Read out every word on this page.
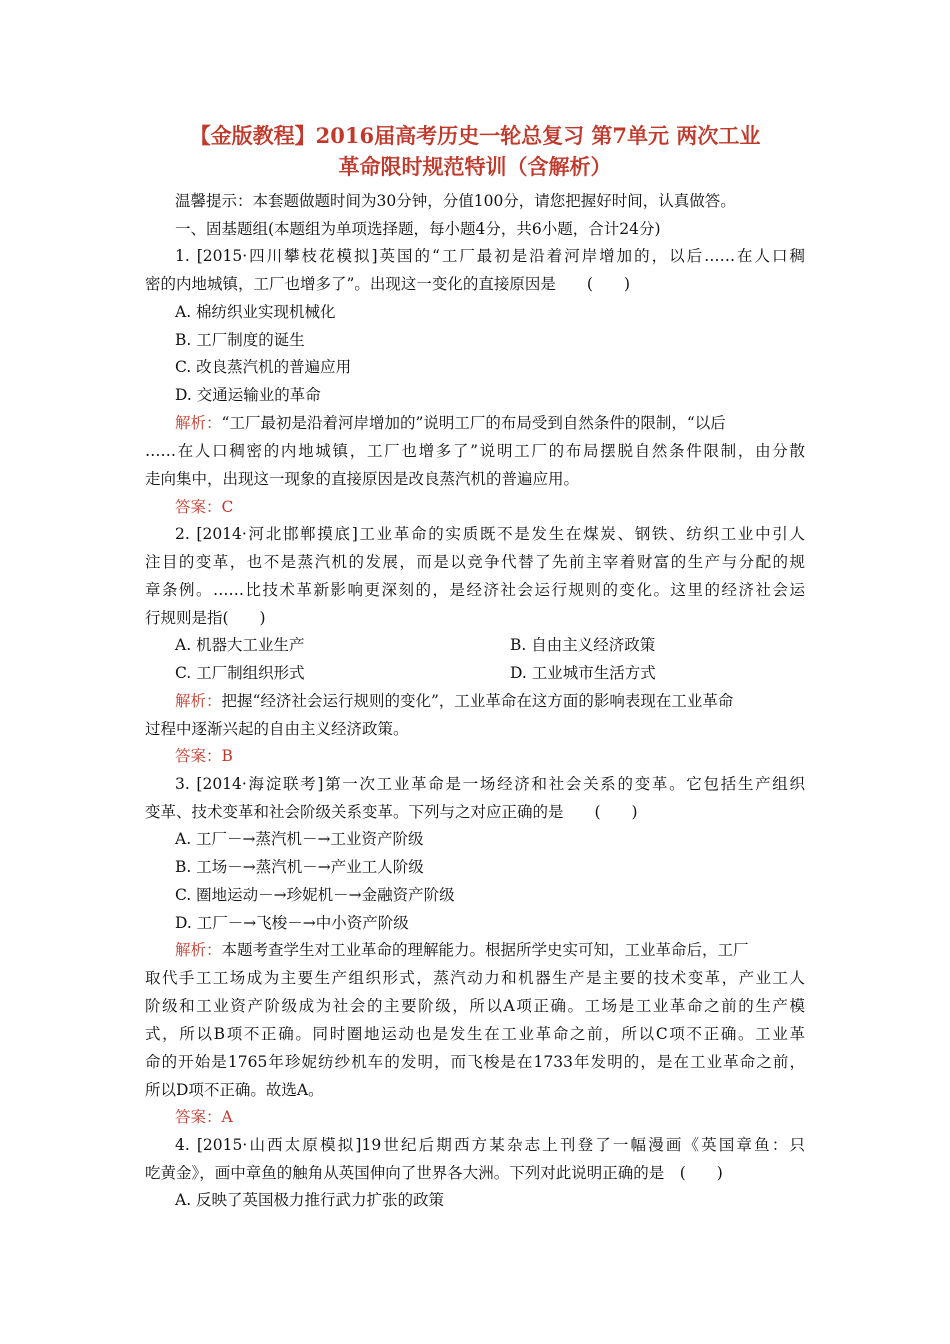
【金版教程】2016届高考历史一轮总复习 第7单元 两次工业
革命限时规范特训（含解析）
温馨提示：本套题做题时间为30分钟，分值100分，请您把握好时间，认真做答。
一、固基题组(本题组为单项选择题，每小题4分，共6小题，合计24分)
1. [2015·四川攀枝花模拟]英国的“工厂最初是沿着河岸增加的，以后……在人口稠
密的内地城镇，工厂也增多了”。出现这一变化的直接原因是　　(　　)
A. 棉纺织业实现机械化
B. 工厂制度的诞生
C. 改良蒸汽机的普遍应用
D. 交通运输业的革命
解析：“工厂最初是沿着河岸增加的”说明工厂的布局受到自然条件的限制，“以后
……在人口稠密的内地城镇，工厂也增多了”说明工厂的布局摆脱自然条件限制，由分散
走向集中，出现这一现象的直接原因是改良蒸汽机的普遍应用。
答案：C
2. [2014·河北邯郸摸底]工业革命的实质既不是发生在煤炭、钢铁、纺织工业中引人
注目的变革，也不是蒸汽机的发展，而是以竞争代替了先前主宰着财富的生产与分配的规
章条例。……比技术革新影响更深刻的，是经济社会运行规则的变化。这里的经济社会运
行规则是指(　　)
A. 机器大工业生产	B. 自由主义经济政策
C. 工厂制组织形式	D. 工业城市生活方式
解析：把握“经济社会运行规则的变化”，工业革命在这方面的影响表现在工业革命
过程中逐渐兴起的自由主义经济政策。
答案：B
3. [2014·海淀联考]第一次工业革命是一场经济和社会关系的变革。它包括生产组织
变革、技术变革和社会阶级关系变革。下列与之对应正确的是　　(　　)
A. 工厂－→蒸汽机－→工业资产阶级
B. 工场－→蒸汽机－→产业工人阶级
C. 圈地运动－→珍妮机－→金融资产阶级
D. 工厂－→飞梭－→中小资产阶级
解析：本题考查学生对工业革命的理解能力。根据所学史实可知，工业革命后，工厂
取代手工工场成为主要生产组织形式，蒸汽动力和机器生产是主要的技术变革，产业工人
阶级和工业资产阶级成为社会的主要阶级，所以A项正确。工场是工业革命之前的生产模
式，所以B项不正确。同时圈地运动也是发生在工业革命之前，所以C项不正确。工业革
命的开始是1765年珍妮纺纱机车的发明，而飞梭是在1733年发明的，是在工业革命之前，
所以D项不正确。故选A。
答案：A
4. [2015·山西太原模拟]19世纪后期西方某杂志上刊登了一幅漫画《英国章鱼：只
吃黄金》，画中章鱼的触角从英国伸向了世界各大洲。下列对此说明正确的是　(　　)
A. 反映了英国极力推行武力扩张的政策
